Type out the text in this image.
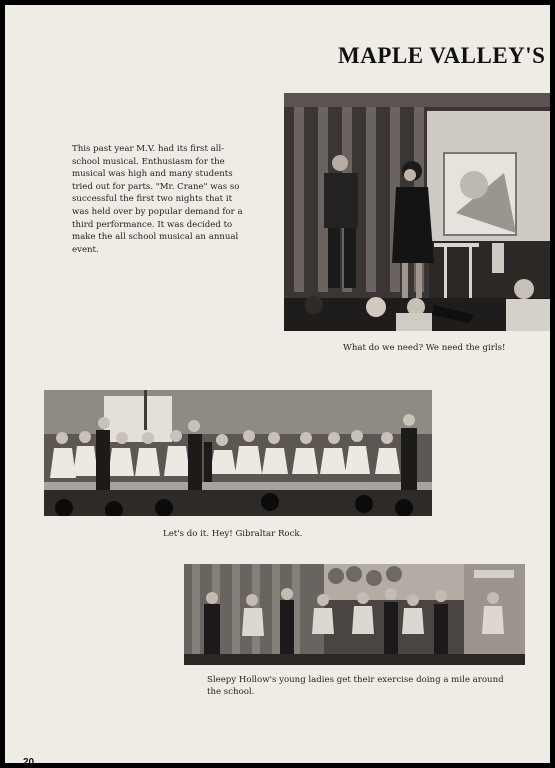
MAPLE VALLEY'S
This past year M.V. had its first all-school musical. Enthusiasm for the musical was high and many students tried out for parts. "Mr. Crane" was so successful the first two nights that it was held over by popular demand for a third performance. It was decided to make the all school musical an annual event.
What do we need? We need the girls!
Let's do it. Hey! Gibraltar Rock.
Sleepy Hollow's young ladies get their exercise doing a mile around the school.
20
